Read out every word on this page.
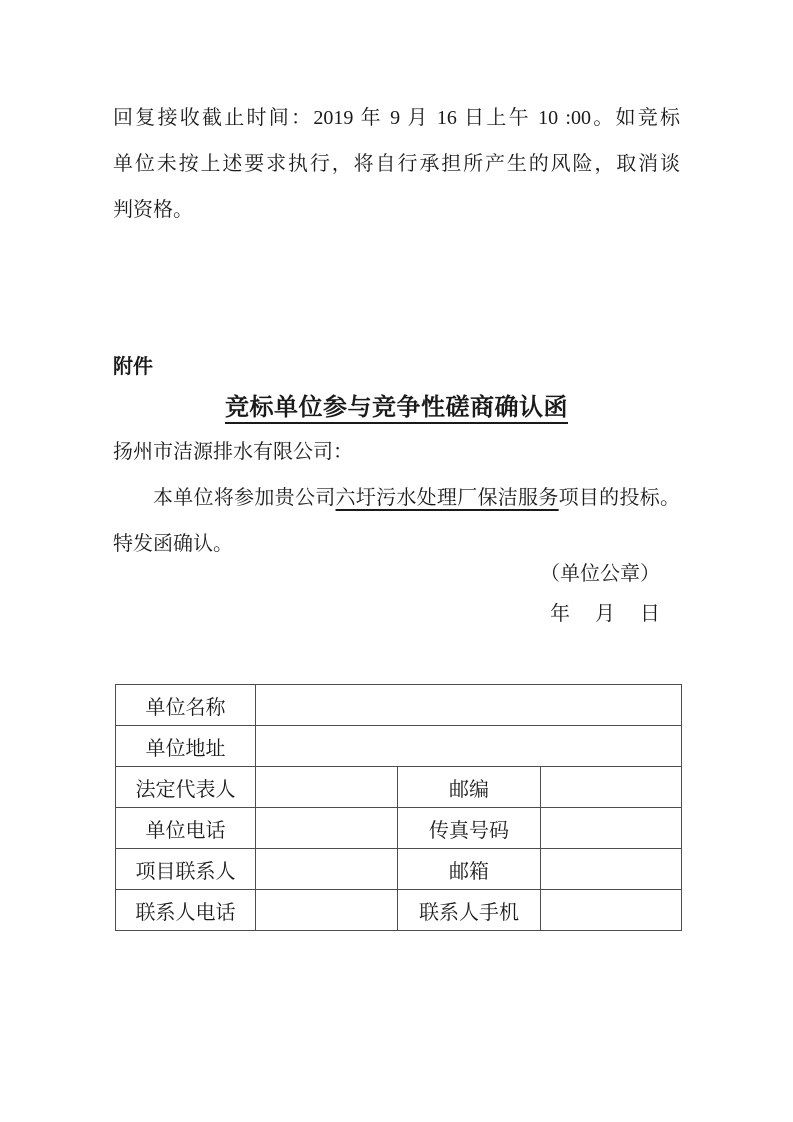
回复接收截止时间：2019 年 9 月 16 日上午 10 :00。如竞标
单位未按上述要求执行，将自行承担所产生的风险，取消谈
判资格。
附件
竞标单位参与竞争性磋商确认函
扬州市洁源排水有限公司：
本单位将参加贵公司六圩污水处理厂保洁服务项目的投标。
特发函确认。
（单位公章）
年 月 日
单位名称			
单位地址			
法定代表人		邮编	
单位电话		传真号码	
项目联系人		邮箱	
联系人电话		联系人手机	
